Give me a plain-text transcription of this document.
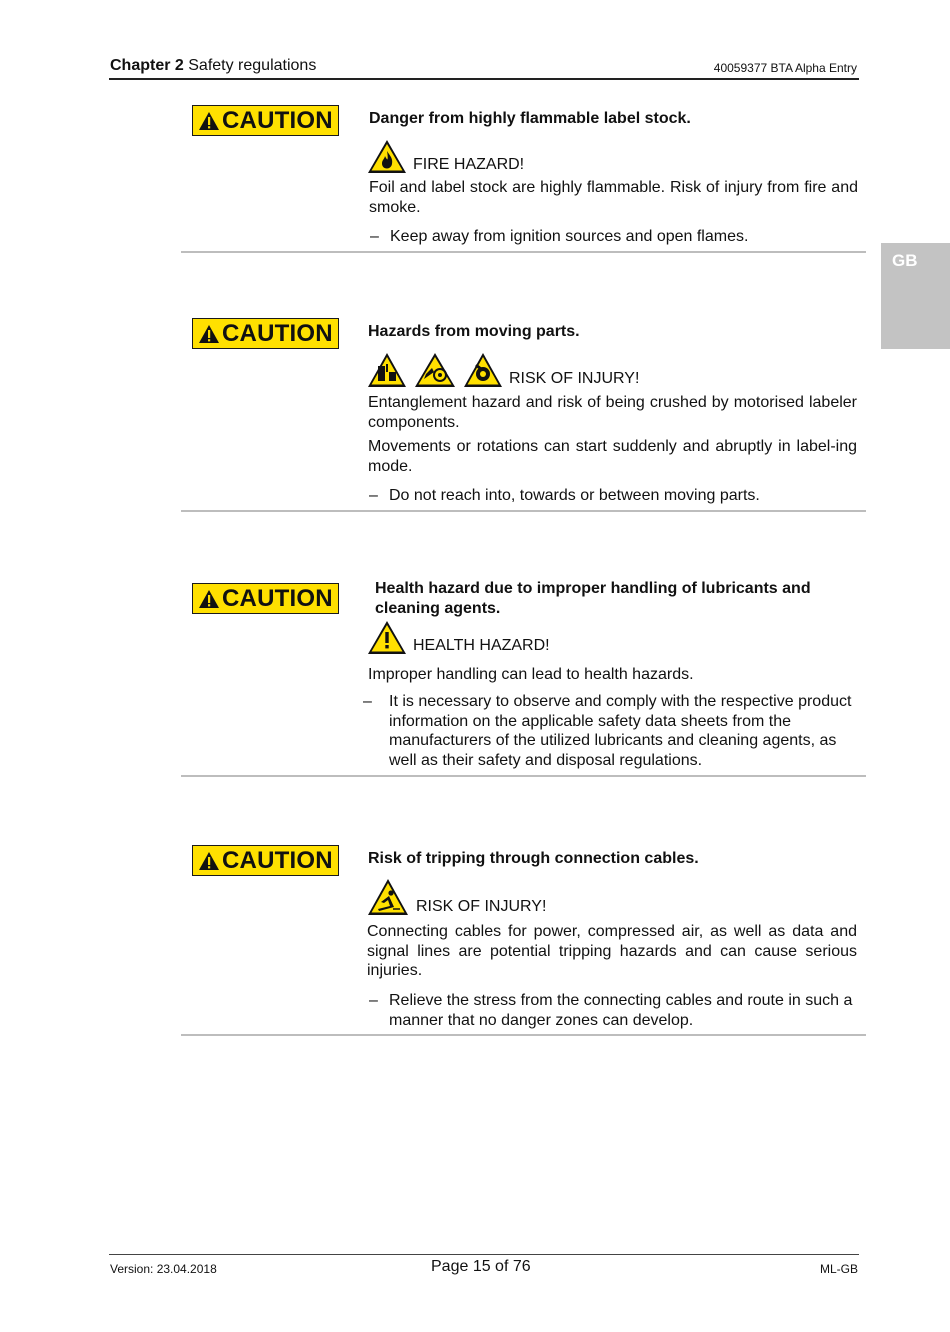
Chapter 2 Safety regulations	40059377 BTA Alpha Entry
GB
CAUTION Danger from highly flammable label stock.
FIRE HAZARD!
Foil and label stock are highly flammable. Risk of injury from fire and smoke.
– Keep away from ignition sources and open flames.
CAUTION Hazards from moving parts.
RISK OF INJURY!
Entanglement hazard and risk of being crushed by motorised labeler components.
Movements or rotations can start suddenly and abruptly in label-ing mode.
– Do not reach into, towards or between moving parts.
CAUTION	Health hazard due to improper handling of lubricants and cleaning agents.
HEALTH HAZARD!
Improper handling can lead to health hazards.
– It is necessary to observe and comply with the respective product information on the applicable safety data sheets from the manufacturers of the utilized lubricants and cleaning agents, as well as their safety and disposal regulations.
CAUTION Risk of tripping through connection cables.
RISK OF INJURY!
Connecting cables for power, compressed air, as well as data and signal lines are potential tripping hazards and can cause serious injuries.
– Relieve the stress from the connecting cables and route in such a manner that no danger zones can develop.
Version: 23.04.2018	Page 15 of 76	ML-GB
